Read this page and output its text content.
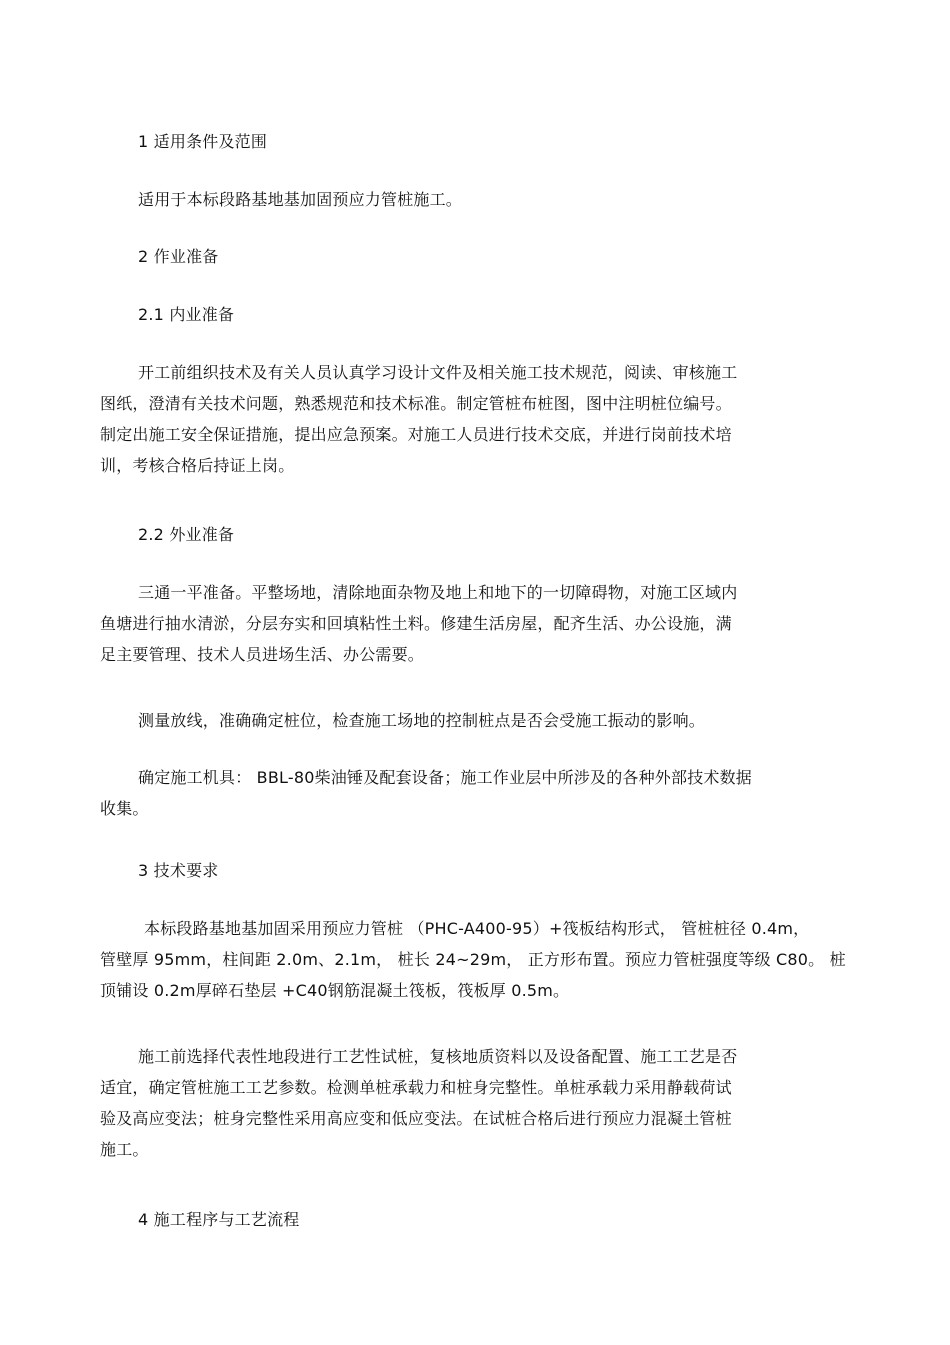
1 适用条件及范围
适用于本标段路基地基加固预应力管桩施工。
2 作业准备
2.1 内业准备
开工前组织技术及有关人员认真学习设计文件及相关施工技术规范，阅读、审核施工
图纸，澄清有关技术问题，熟悉规范和技术标准。制定管桩布桩图，图中注明桩位编号。
制定出施工安全保证措施，提出应急预案。对施工人员进行技术交底，并进行岗前技术培
训，考核合格后持证上岗。
2.2 外业准备
三通一平准备。平整场地，清除地面杂物及地上和地下的一切障碍物，对施工区域内
鱼塘进行抽水清淤，分层夯实和回填粘性土料。修建生活房屋，配齐生活、办公设施，满
足主要管理、技术人员进场生活、办公需要。
测量放线，准确确定桩位，检查施工场地的控制桩点是否会受施工振动的影响。
确定施工机具： BBL-80柴油锤及配套设备；施工作业层中所涉及的各种外部技术数据
收集。
3 技术要求
本标段路基地基加固采用预应力管桩 （PHC-A400-95）+筏板结构形式， 管桩桩径 0.4m，
管壁厚 95mm，柱间距 2.0m、2.1m， 桩长 24~29m， 正方形布置。预应力管桩强度等级 C80。 桩
顶铺设 0.2m厚碎石垫层 +C40钢筋混凝土筏板，筏板厚 0.5m。
施工前选择代表性地段进行工艺性试桩，复核地质资料以及设备配置、施工工艺是否
适宜，确定管桩施工工艺参数。检测单桩承载力和桩身完整性。单桩承载力采用静载荷试
验及高应变法；桩身完整性采用高应变和低应变法。在试桩合格后进行预应力混凝土管桩
施工。
4 施工程序与工艺流程
